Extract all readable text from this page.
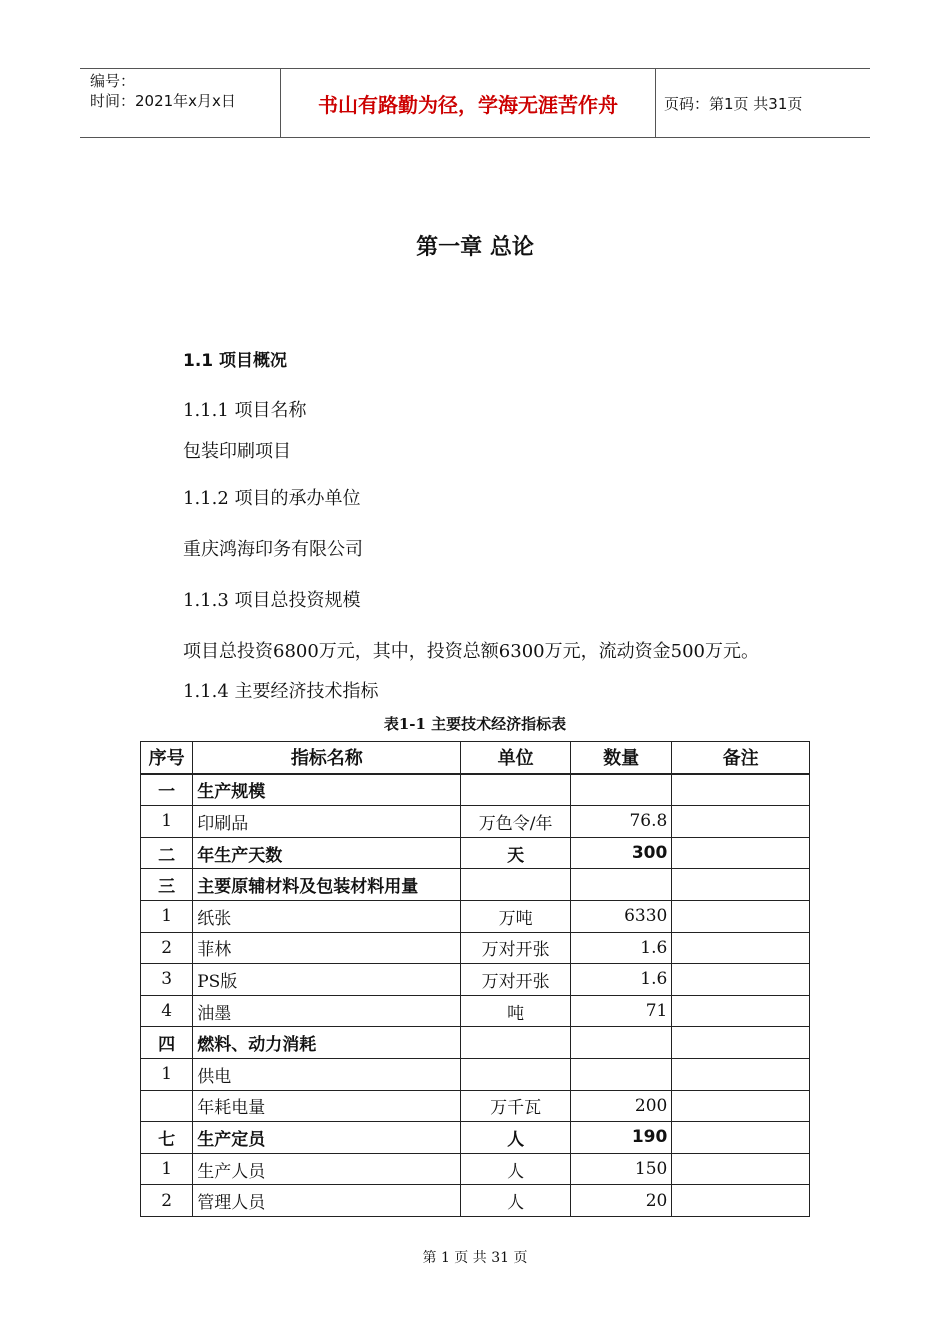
编号：
时间：2021年x月x日	书山有路勤为径，学海无涯苦作舟	页码：第1页 共31页
第一章 总论
1.1 项目概况
1.1.1 项目名称
包装印刷项目
1.1.2 项目的承办单位
重庆鸿海印务有限公司
1.1.3 项目总投资规模
项目总投资6800万元，其中，投资总额6300万元，流动资金500万元。
1.1.4 主要经济技术指标
表1-1 主要技术经济指标表
序号	指标名称	单位	数量	备注
一	生产规模			
1	印刷品	万色令/年	76.8	
二	年生产天数	天	300	
三	主要原辅材料及包装材料用量			
1	纸张	万吨	6330	
2	菲林	万对开张	1.6	
3	PS版	万对开张	1.6	
4	油墨	吨	71	
四	燃料、动力消耗			
1	供电			
	年耗电量	万千瓦	200	
七	生产定员	人	190	
1	生产人员	人	150	
2	管理人员	人	20	
第 1 页 共 31 页
